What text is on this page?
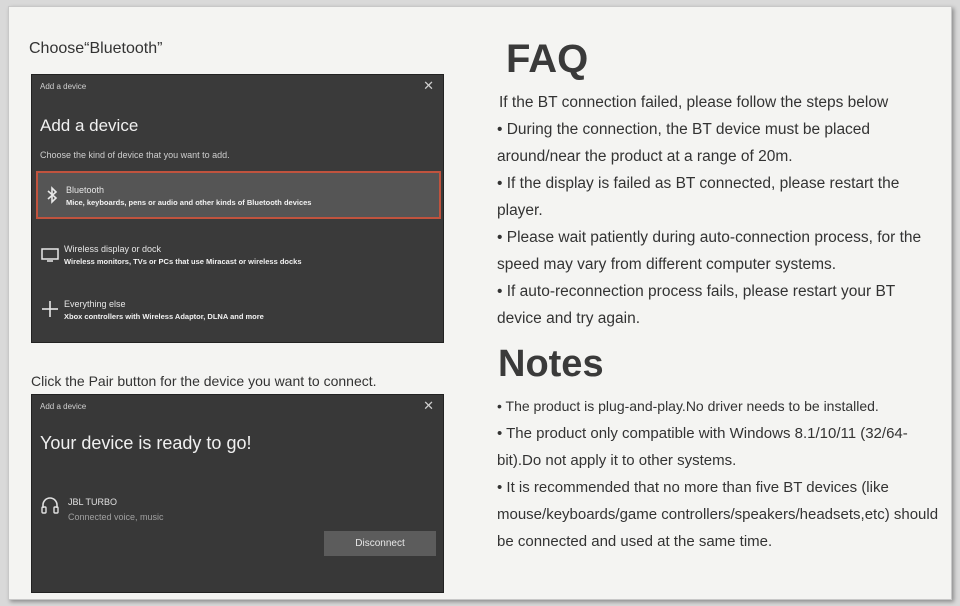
Choose“Bluetooth”
Add a device	✕
Add a device
Choose the kind of device that you want to add.
Bluetooth
Mice, keyboards, pens or audio and other kinds of Bluetooth devices
Wireless display or dock
Wireless monitors, TVs or PCs that use Miracast or wireless docks
Everything else
Xbox controllers with Wireless Adaptor, DLNA and more
Click the Pair button for the device you want to connect.
Add a device	✕
Your device is ready to go!
JBL TURBO
Connected voice, music
Disconnect
FAQ
If the BT connection failed, please follow the steps below
• During the connection, the BT device must be placed around/near the product at a range of 20m.
• If the display is failed as BT connected, please restart the player.
• Please wait patiently during auto-connection process, for the speed may vary from different computer systems.
• If auto-reconnection process fails, please restart your BT device and try again.
Notes
• The product is plug-and-play.No driver needs to be installed.
• The product only compatible with Windows 8.1/10/11 (32/64-bit).Do not apply it to other systems.
• It is recommended that no more than five BT devices (like mouse/keyboards/game controllers/speakers/headsets,etc) should be connected and used at the same time.
